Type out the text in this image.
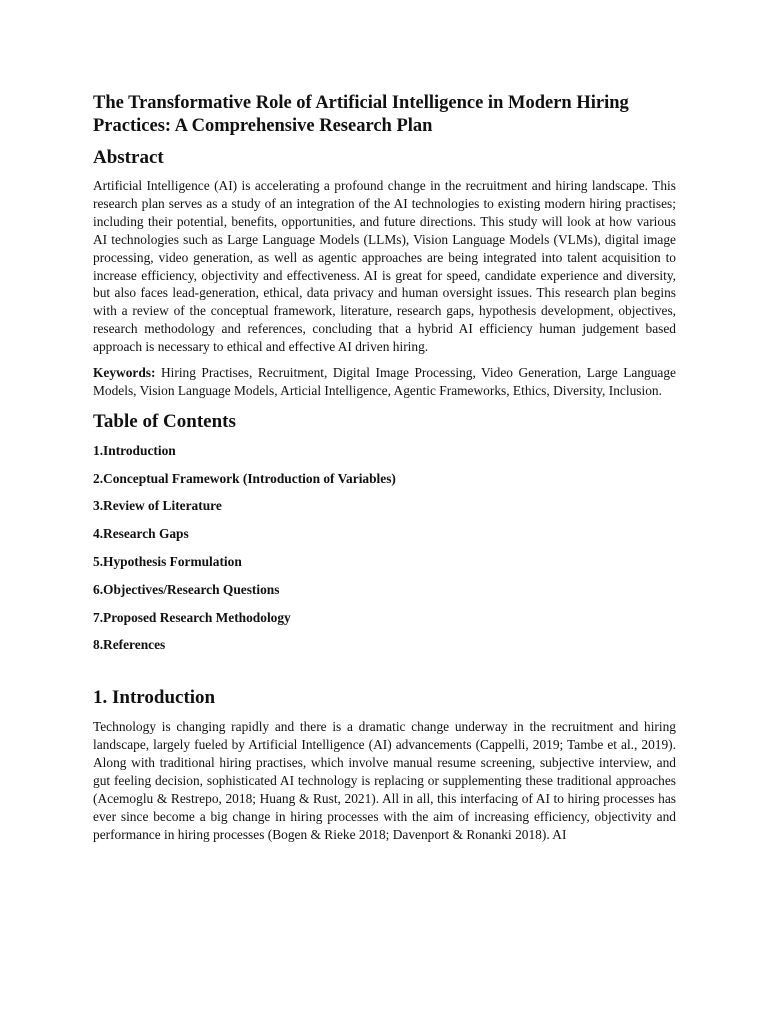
The Transformative Role of Artificial Intelligence in Modern Hiring Practices: A Comprehensive Research Plan
Abstract

Artificial Intelligence (AI) is accelerating a profound change in the recruitment and hiring landscape. This research plan serves as a study of an integration of the AI technologies to existing modern hiring practises; including their potential, benefits, opportunities, and future directions. This study will look at how various AI technologies such as Large Language Models (LLMs), Vision Language Models (VLMs), digital image processing, video generation, as well as agentic approaches are being integrated into talent acquisition to increase efficiency, objectivity and effectiveness. AI is great for speed, candidate experience and diversity, but also faces lead-generation, ethical, data privacy and human oversight issues. This research plan begins with a review of the conceptual framework, literature, research gaps, hypothesis development, objectives, research methodology and references, concluding that a hybrid AI efficiency human judgement based approach is necessary to ethical and effective AI driven hiring.

Keywords: Hiring Practises, Recruitment, Digital Image Processing, Video Generation, Large Language Models, Vision Language Models, Articial Intelligence, Agentic Frameworks, Ethics, Diversity, Inclusion.

Table of Contents
1.Introduction
2.Conceptual Framework (Introduction of Variables)
3.Review of Literature
4.Research Gaps
5.Hypothesis Formulation
6.Objectives/Research Questions
7.Proposed Research Methodology
8.References
1. Introduction

Technology is changing rapidly and there is a dramatic change underway in the recruitment and hiring landscape, largely fueled by Artificial Intelligence (AI) advancements (Cappelli, 2019; Tambe et al., 2019). Along with traditional hiring practises, which involve manual resume screening, subjective interview, and gut feeling decision, sophisticated AI technology is replacing or supplementing these traditional approaches (Acemoglu & Restrepo, 2018; Huang & Rust, 2021). All in all, this interfacing of AI to hiring processes has ever since become a big change in hiring processes with the aim of increasing efficiency, objectivity and performance in hiring processes (Bogen & Rieke 2018; Davenport & Ronanki 2018). AI
